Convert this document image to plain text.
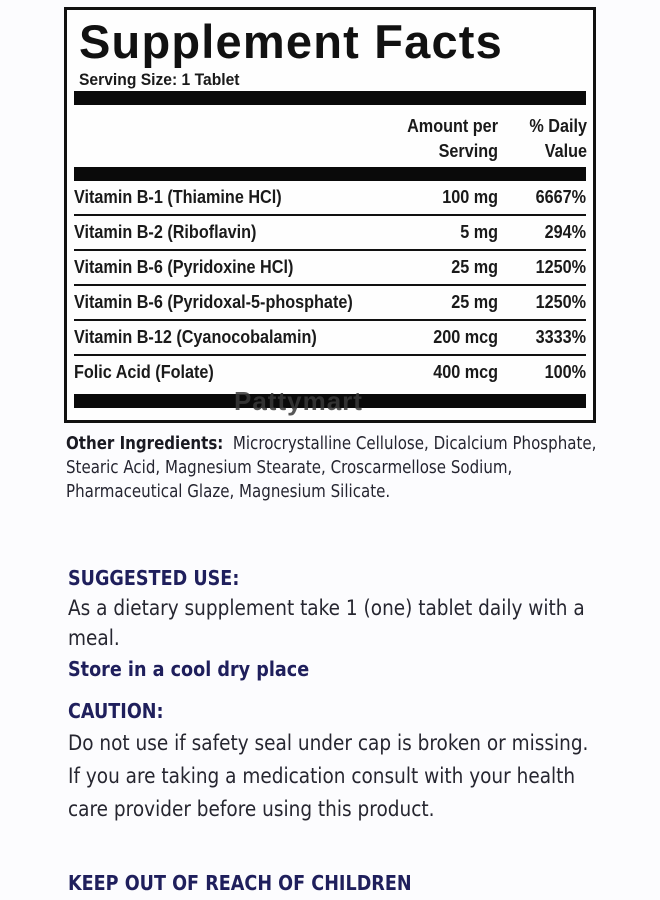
Supplement Facts
Serving Size: 1 Tablet
Amount per
Serving
% Daily
Value
Vitamin B-1 (Thiamine HCl)	100 mg 6667%
Vitamin B-2 (Riboflavin)	5 mg	294%
Vitamin B-6 (Pyridoxine HCl)	25 mg 1250%
Vitamin B-6 (Pyridoxal-5-phosphate)	25 mg 1250%
Vitamin B-12 (Cyanocobalamin)	200 mcg 3333%
Folic Acid (Folate)	400 mcg	100%
Pattymart
Other Ingredients: Microcrystalline Cellulose, Dicalcium Phosphate, Stearic Acid, Magnesium Stearate, Croscarmellose Sodium, Pharmaceutical Glaze, Magnesium Silicate.
SUGGESTED USE:
As a dietary supplement take 1 (one) tablet daily with a meal.
Store in a cool dry place
CAUTION:
Do not use if safety seal under cap is broken or missing. If you are taking a medication consult with your health care provider before using this product.
KEEP OUT OF REACH OF CHILDREN
